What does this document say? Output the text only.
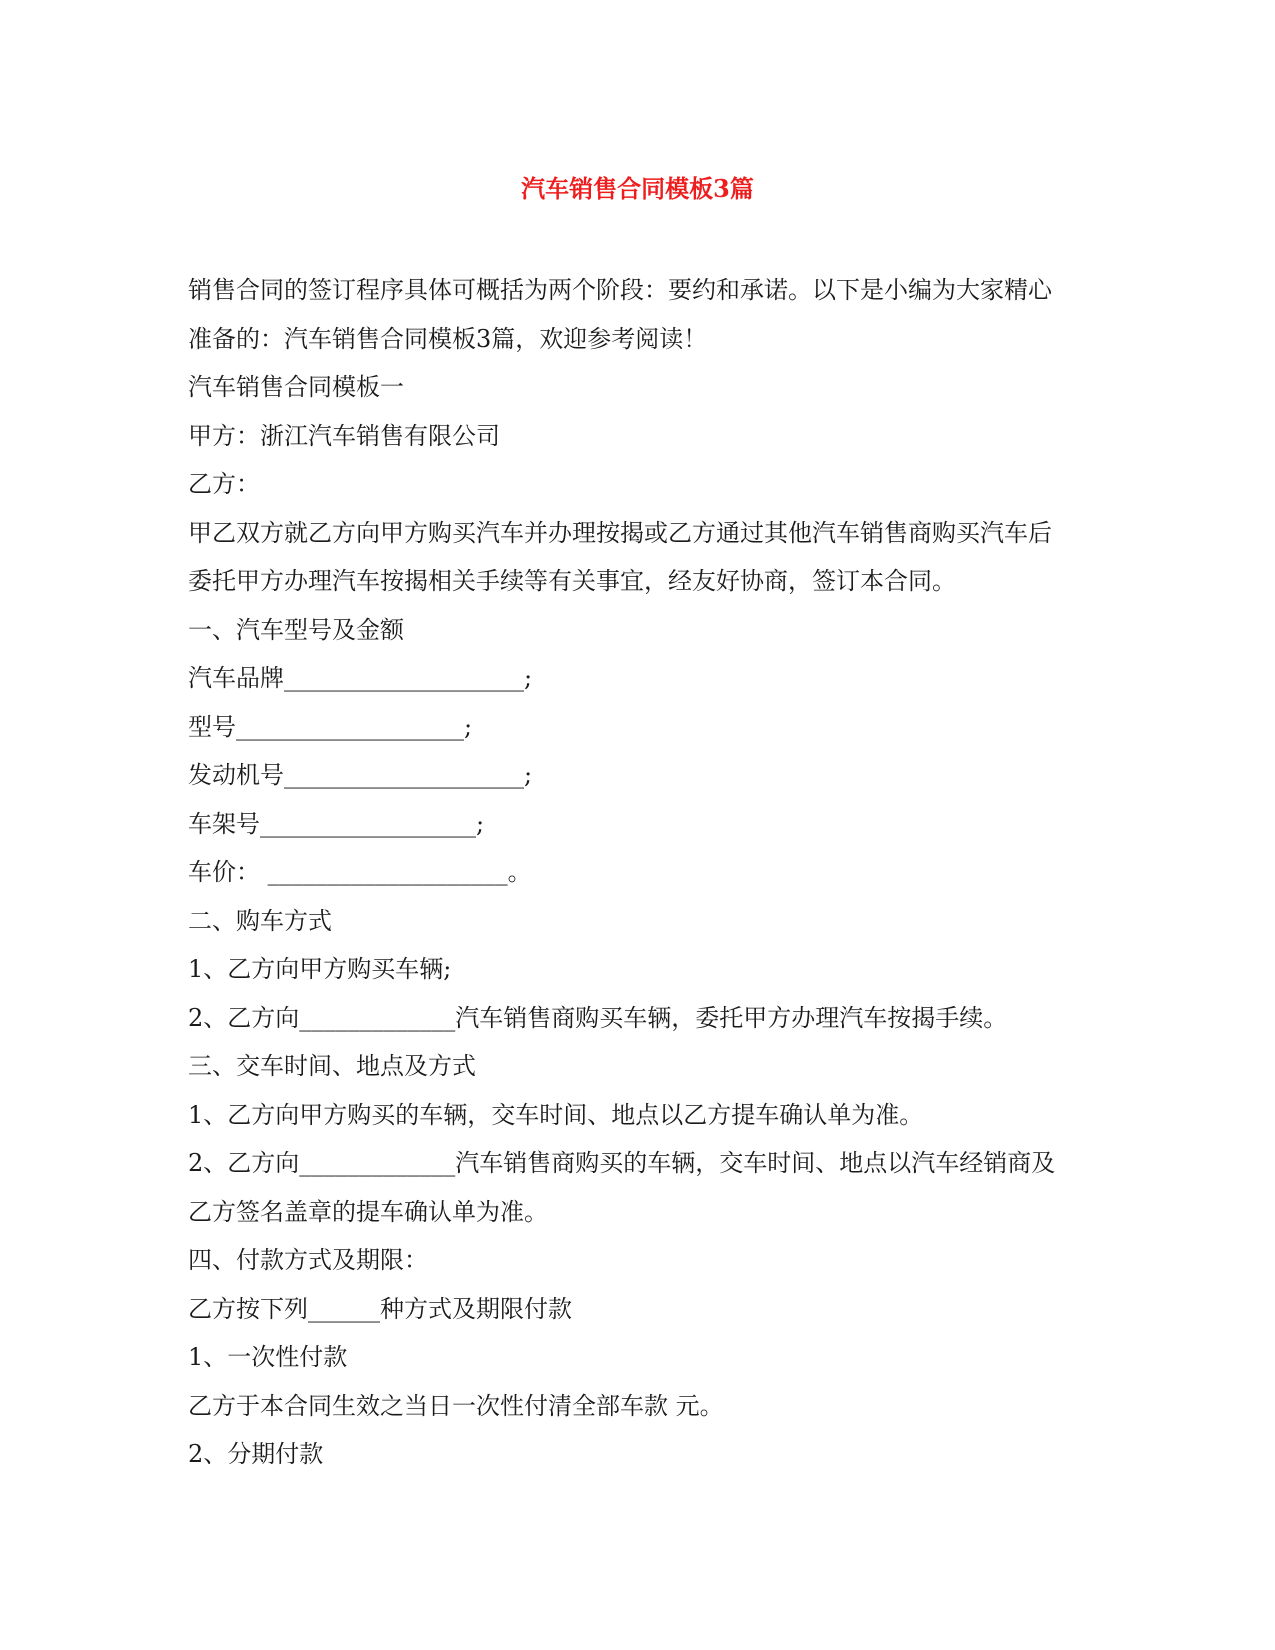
汽车销售合同模板3篇
销售合同的签订程序具体可概括为两个阶段：要约和承诺。以下是小编为大家精心
准备的：汽车销售合同模板3篇，欢迎参考阅读！
汽车销售合同模板一
甲方：浙江汽车销售有限公司
乙方：
甲乙双方就乙方向甲方购买汽车并办理按揭或乙方通过其他汽车销售商购买汽车后
委托甲方办理汽车按揭相关手续等有关事宜，经友好协商，签订本合同。
一、汽车型号及金额
汽车品牌____________________;
型号___________________;
发动机号____________________;
车架号__________________;
车价： ____________________。
二、购车方式
1、乙方向甲方购买车辆;
2、乙方向_____________汽车销售商购买车辆，委托甲方办理汽车按揭手续。
三、交车时间、地点及方式
1、乙方向甲方购买的车辆，交车时间、地点以乙方提车确认单为准。
2、乙方向_____________汽车销售商购买的车辆，交车时间、地点以汽车经销商及
乙方签名盖章的提车确认单为准。
四、付款方式及期限：
乙方按下列______种方式及期限付款
1、一次性付款
乙方于本合同生效之当日一次性付清全部车款 元。
2、分期付款
